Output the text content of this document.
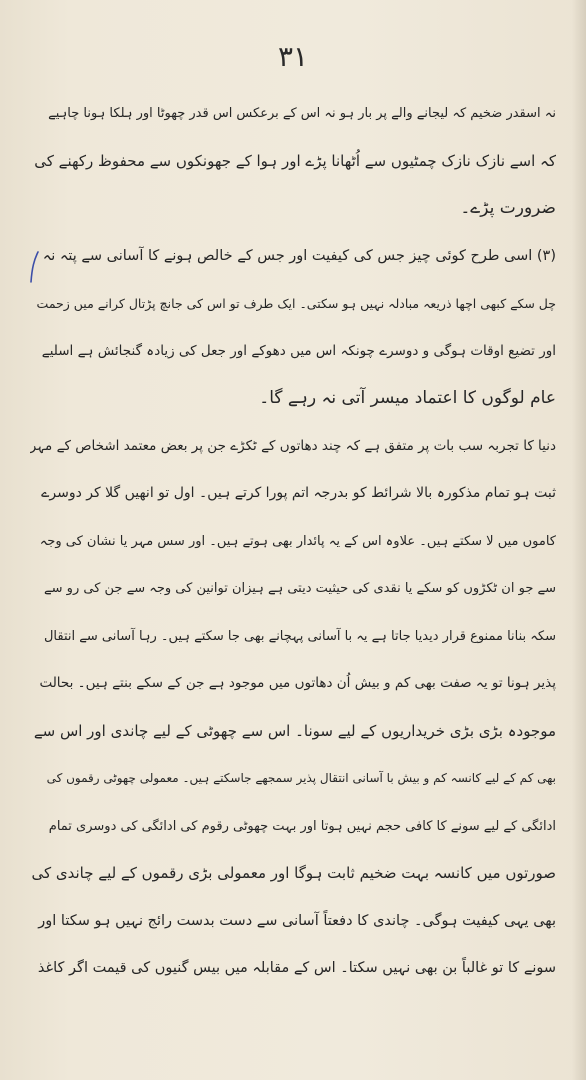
۳۱
نہ اسقدر ضخیم کہ لیجانے والے پر بار ہو نہ اس کے برعکس اس قدر چھوٹا اور ہلکا ہونا چاہیے
کہ اسے نازک نازک چمٹیوں سے اُٹھانا پڑے اور ہوا کے جھونکوں سے محفوظ رکھنے کی
ضرورت پڑے۔
(۳) اسی طرح کوئی چیز جس کی کیفیت اور جس کے خالص ہونے کا آسانی سے پتہ نہ
چل سکے کبھی اچھا ذریعہ مبادلہ نہیں ہو سکتی۔ ایک طرف تو اس کی جانچ پڑتال کرانے میں زحمت
اور تضیع اوقات ہوگی و دوسرے چونکہ اس میں دھوکے اور جعل کی زیادہ گنجائش ہے اسلیے
عام لوگوں کا اعتماد میسر آتی نہ رہے گا۔
دنیا کا تجربہ سب بات پر متفق ہے کہ چند دھاتوں کے ٹکڑے جن پر بعض معتمد اشخاص کے مہر
ثبت ہو تمام مذکورہ بالا شرائط کو بدرجہ اتم پورا کرتے ہیں۔ اول تو انھیں گلا کر دوسرے
کاموں میں لا سکتے ہیں۔ علاوہ اس کے یہ پائدار بھی ہوتے ہیں۔ اور سس مہر یا نشان کی وجہ
سے جو ان ٹکڑوں کو سکے یا نقدی کی حیثیت دیتی ہے ہیزان توانین کی وجہ سے جن کی رو سے
سکہ بنانا ممنوع قرار دیدیا جاتا ہے یہ با آسانی پہچانے بھی جا سکتے ہیں۔ رہا آسانی سے انتقال
پذیر ہونا تو یہ صفت بھی کم و بیش اُن دھاتوں میں موجود ہے جن کے سکے بنتے ہیں۔ بحالت
موجودہ بڑی بڑی خریداریوں کے لیے سونا۔ اس سے چھوٹی کے لیے چاندی اور اس سے
بھی کم کے لیے کانسہ کم و بیش با آسانی انتقال پذیر سمجھے جاسکتے ہیں۔ معمولی چھوٹی رقموں کی
ادائگی کے لیے سونے کا کافی حجم نہیں ہوتا اور بہت چھوٹی رقوم کی ادائگی کی دوسری تمام
صورتوں میں کانسہ بہت ضخیم ثابت ہوگا اور معمولی بڑی رقموں کے لیے چاندی کی
بھی یہی کیفیت ہوگی۔ چاندی کا دفعتاً آسانی سے دست بدست رائج نہیں ہو سکتا اور
سونے کا تو غالباً بن بھی نہیں سکتا۔ اس کے مقابلہ میں بیس گنیوں کی قیمت اگر کاغذ
